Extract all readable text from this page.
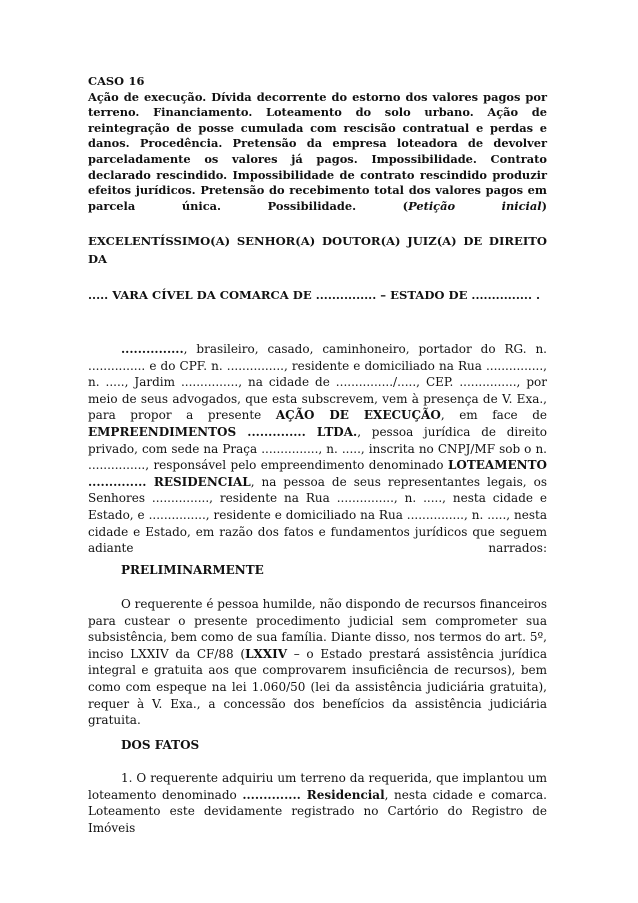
CASO 16
Ação de execução. Dívida decorrente do estorno dos valores pagos por terreno. Financiamento. Loteamento do solo urbano. Ação de reintegração de posse cumulada com rescisão contratual e perdas e danos. Procedência. Pretensão da empresa loteadora de devolver parceladamente os valores já pagos. Impossibilidade. Contrato declarado rescindido. Impossibilidade de contrato rescindido produzir efeitos jurídicos. Pretensão do recebimento total dos valores pagos em parcela única. Possibilidade. (Petição inicial)
EXCELENTÍSSIMO(A) SENHOR(A) DOUTOR(A) JUIZ(A) DE DIREITO DA
..... VARA CÍVEL DA COMARCA DE ............... – ESTADO DE ............... .
..............., brasileiro, casado, caminhoneiro, portador do RG. n. ............... e do CPF. n. ..............., residente e domiciliado na Rua ..............., n. ....., Jardim ..............., na cidade de .............../....., CEP. ..............., por meio de seus advogados, que esta subscrevem, vem à presença de V. Exa., para propor a presente AÇÃO DE EXECUÇÃO, em face de EMPREENDIMENTOS .............. LTDA., pessoa jurídica de direito privado, com sede na Praça ..............., n. ....., inscrita no CNPJ/MF sob o n. ..............., responsável pelo empreendimento denominado LOTEAMENTO .............. RESIDENCIAL, na pessoa de seus representantes legais, os Senhores ..............., residente na Rua ..............., n. ....., nesta cidade e Estado, e ..............., residente e domiciliado na Rua ..............., n. ....., nesta cidade e Estado, em razão dos fatos e fundamentos jurídicos que seguem adiante narrados:
PRELIMINARMENTE
O requerente é pessoa humilde, não dispondo de recursos financeiros para custear o presente procedimento judicial sem comprometer sua subsistência, bem como de sua família. Diante disso, nos termos do art. 5º, inciso LXXIV da CF/88 (LXXIV – o Estado prestará assistência jurídica integral e gratuita aos que comprovarem insuficiência de recursos), bem como com espeque na lei 1.060/50 (lei da assistência judiciária gratuita), requer à V. Exa., a concessão dos benefícios da assistência judiciária gratuita.
DOS FATOS
1. O requerente adquiriu um terreno da requerida, que implantou um loteamento denominado .............. Residencial, nesta cidade e comarca. Loteamento este devidamente registrado no Cartório do Registro de Imóveis
